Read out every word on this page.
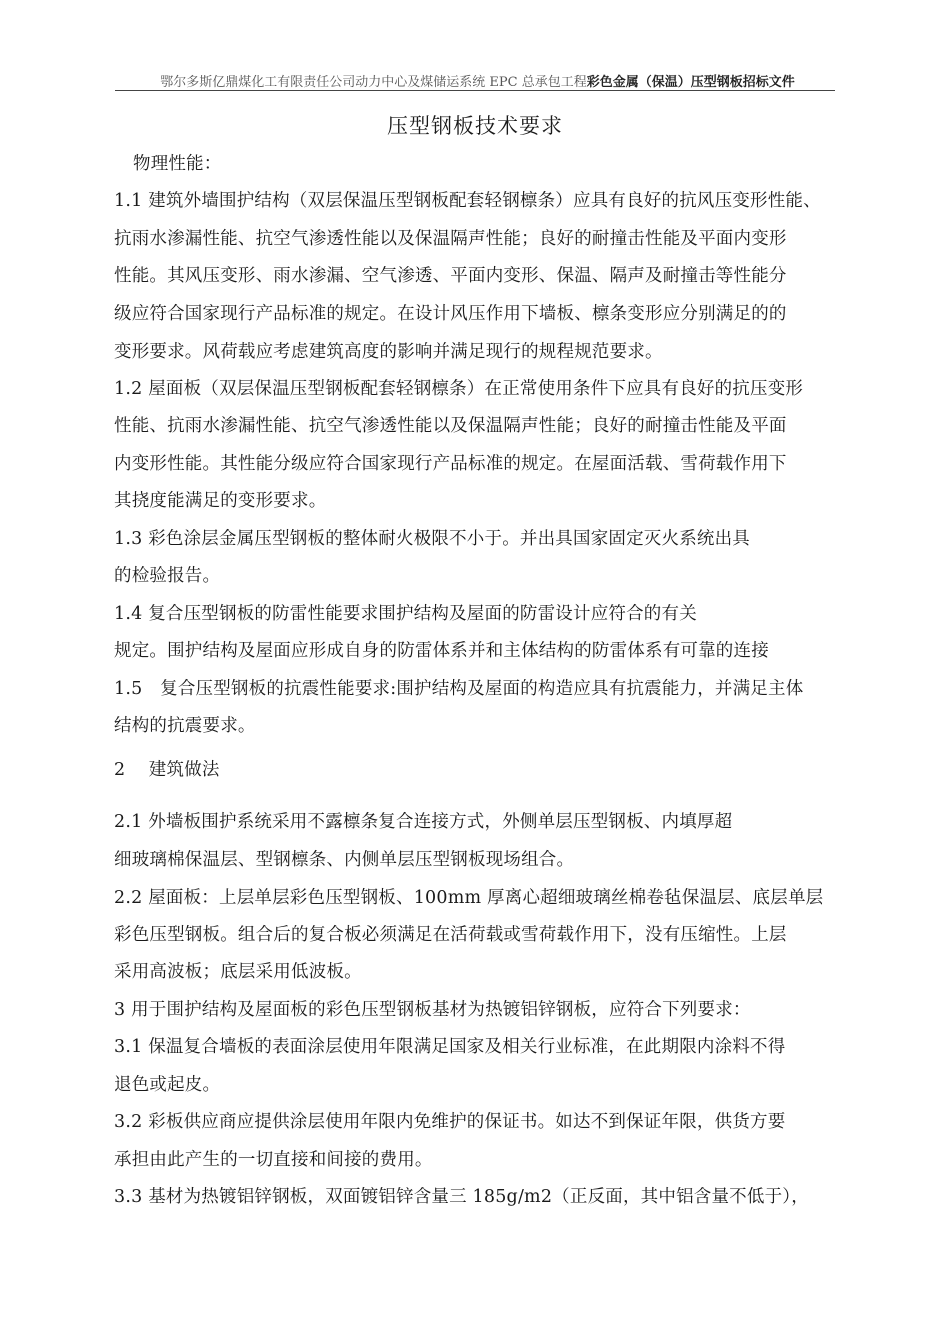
鄂尔多斯亿鼎煤化工有限责任公司动力中心及煤储运系统 EPC 总承包工程彩色金属（保温）压型钢板招标文件
压型钢板技术要求
物理性能：
1.1 建筑外墙围护结构（双层保温压型钢板配套轻钢檩条）应具有良好的抗风压变形性能、
抗雨水渗漏性能、抗空气渗透性能以及保温隔声性能；良好的耐撞击性能及平面内变形
性能。其风压变形、雨水渗漏、空气渗透、平面内变形、保温、隔声及耐撞击等性能分
级应符合国家现行产品标准的规定。在设计风压作用下墙板、檩条变形应分别满足的的
变形要求。风荷载应考虑建筑高度的影响并满足现行的规程规范要求。
1.2 屋面板（双层保温压型钢板配套轻钢檩条）在正常使用条件下应具有良好的抗压变形
性能、抗雨水渗漏性能、抗空气渗透性能以及保温隔声性能；良好的耐撞击性能及平面
内变形性能。其性能分级应符合国家现行产品标准的规定。在屋面活载、雪荷载作用下
其挠度能满足的变形要求。
1.3 彩色涂层金属压型钢板的整体耐火极限不小于。并出具国家固定灭火系统出具
的检验报告。
1.4 复合压型钢板的防雷性能要求围护结构及屋面的防雷设计应符合的有关
规定。围护结构及屋面应形成自身的防雷体系并和主体结构的防雷体系有可靠的连接
1.5　复合压型钢板的抗震性能要求:围护结构及屋面的构造应具有抗震能力，并满足主体
结构的抗震要求。
2　 建筑做法
2.1 外墙板围护系统采用不露檩条复合连接方式，外侧单层压型钢板、内填厚超
细玻璃棉保温层、型钢檩条、内侧单层压型钢板现场组合。
2.2 屋面板：上层单层彩色压型钢板、100mm 厚离心超细玻璃丝棉卷毡保温层、底层单层
彩色压型钢板。组合后的复合板必须满足在活荷载或雪荷载作用下，没有压缩性。上层
采用高波板；底层采用低波板。
3 用于围护结构及屋面板的彩色压型钢板基材为热镀铝锌钢板，应符合下列要求：
3.1 保温复合墙板的表面涂层使用年限满足国家及相关行业标准，在此期限内涂料不得
退色或起皮。
3.2 彩板供应商应提供涂层使用年限内免维护的保证书。如达不到保证年限，供货方要
承担由此产生的一切直接和间接的费用。
3.3 基材为热镀铝锌钢板，双面镀铝锌含量三 185g/m2（正反面，其中铝含量不低于），
